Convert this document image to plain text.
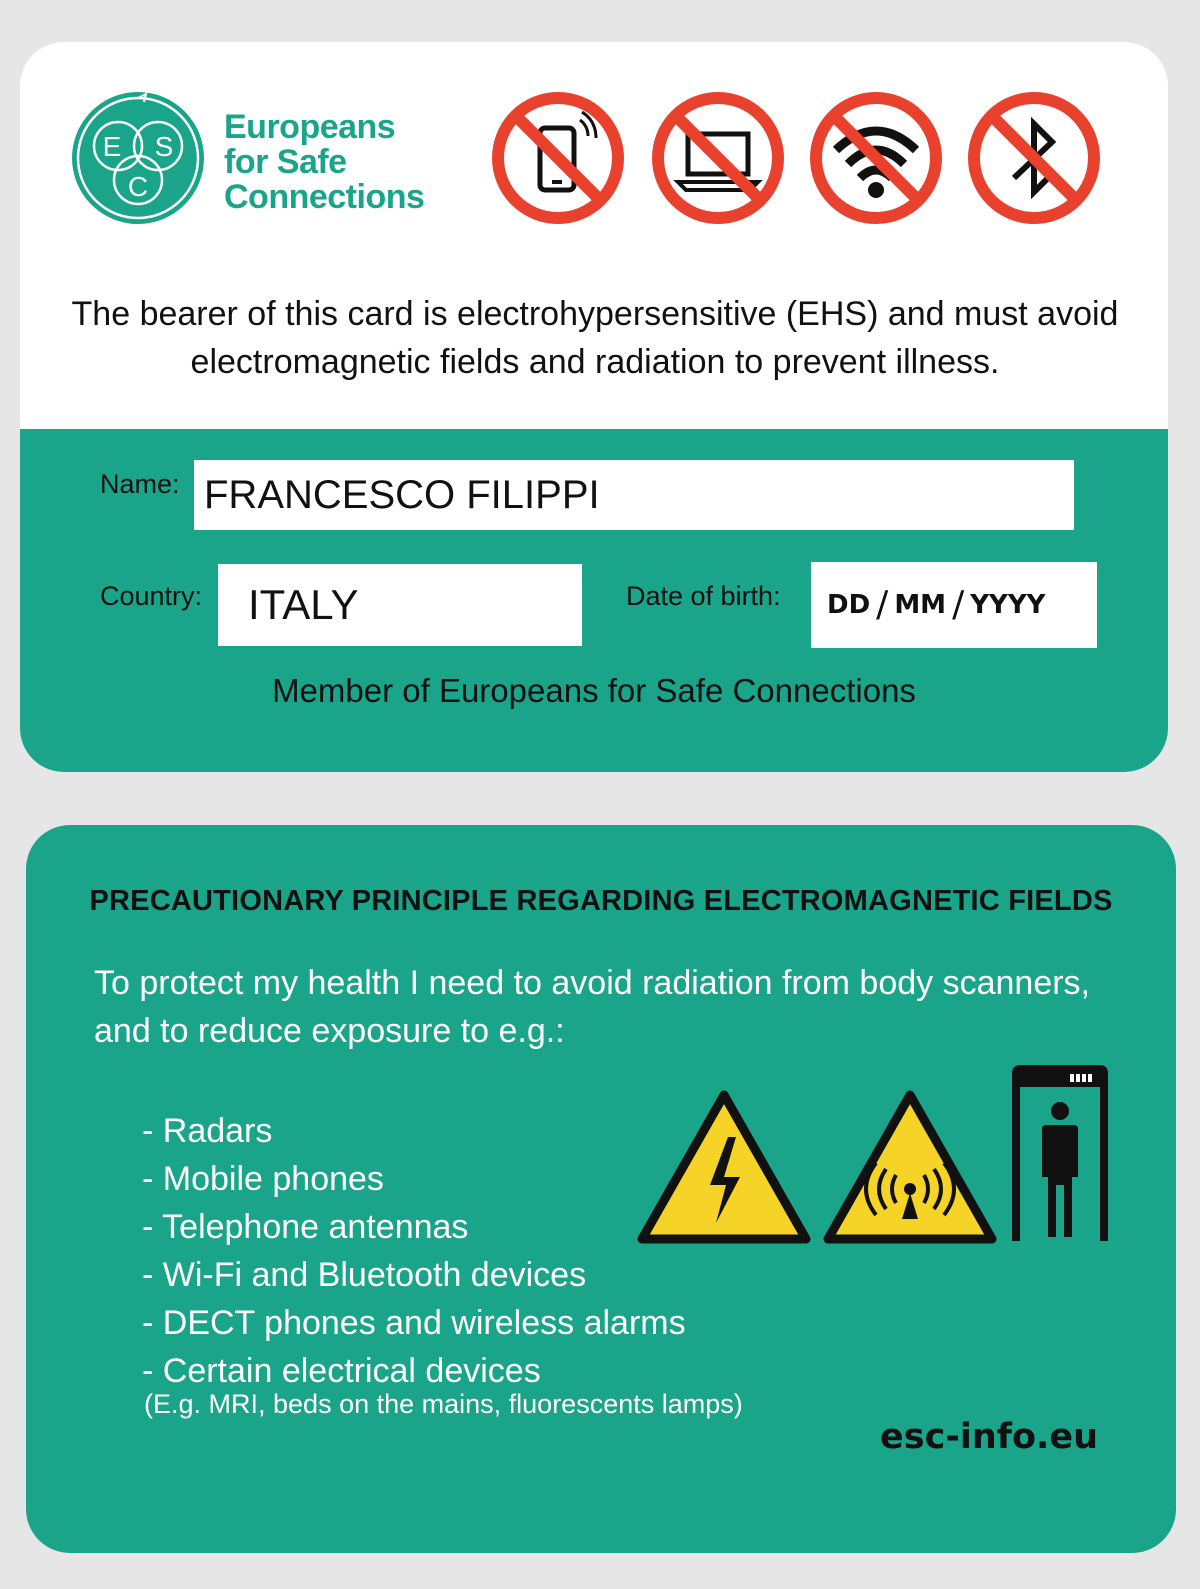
E S
C
Europeans
for Safe
Connections
The bearer of this card is electrohypersensitive (EHS) and must avoid electromagnetic fields and radiation to prevent illness.
Name:
Country:	Date of birth:
FRANCESCO FILIPPI
ITALY	DD / MM / YYYY
Member of Europeans for Safe Connections
PRECAUTIONARY PRINCIPLE REGARDING ELECTROMAGNETIC FIELDS
To protect my health I need to avoid radiation from body scanners, and to reduce exposure to e.g.:
- Radars
- Mobile phones
- Telephone antennas
- Wi-Fi and Bluetooth devices
- DECT phones and wireless alarms
- Certain electrical devices
(E.g. MRI, beds on the mains, fluorescents lamps)
esc-info.eu
